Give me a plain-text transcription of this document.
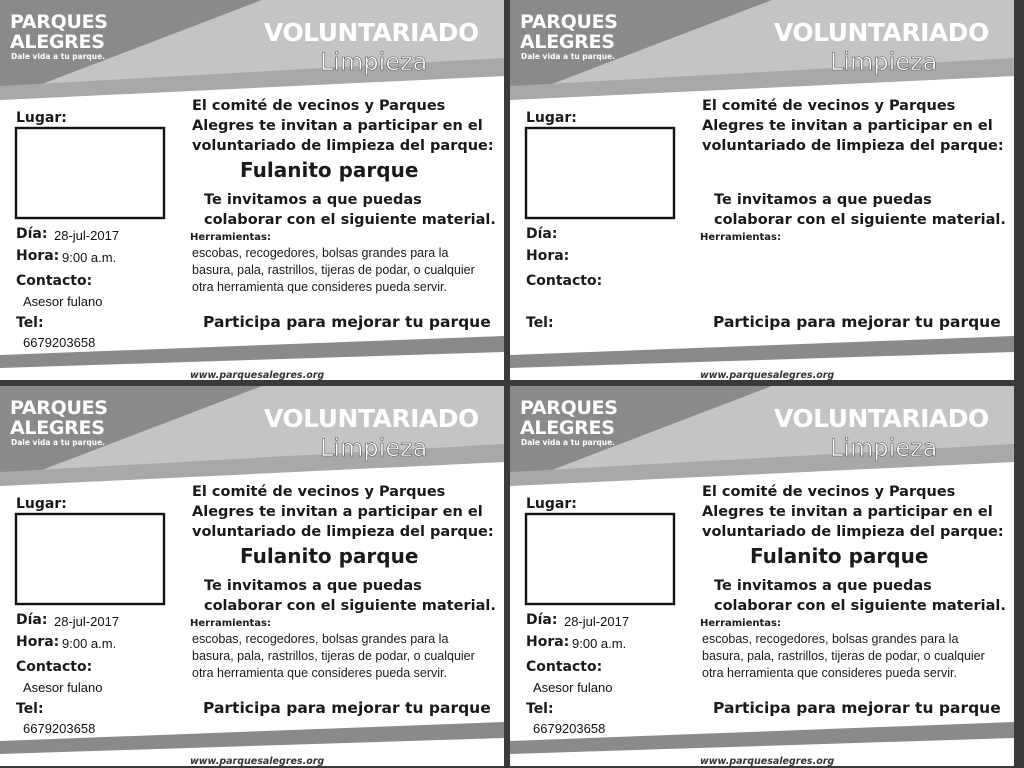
PARQUES
ALEGRES
Dale vida a tu parque.
VOLUNTARIADO
Limpieza
Lugar:
El comité de vecinos y Parques Alegres te invitan a participar en el voluntariado de limpieza del parque:
Fulanito parque
Te invitamos a que puedas colaborar con el siguiente material.
Herramientas:
escobas, recogedores, bolsas grandes para la basura, pala, rastrillos, tijeras de podar, o cualquier otra herramienta que consideres pueda servir.
Día: 28-jul-2017
Hora: 9:00 a.m.
Contacto:
Asesor fulano
Tel:
6679203658
Participa para mejorar tu parque
www.parquesalegres.org
PARQUES
ALEGRES
Dale vida a tu parque.
VOLUNTARIADO
Limpieza
Lugar:
El comité de vecinos y Parques Alegres te invitan a participar en el voluntariado de limpieza del parque:
Te invitamos a que puedas colaborar con el siguiente material.
Herramientas:
Día:
Hora:
Contacto:
Tel:	Participa para mejorar tu parque
www.parquesalegres.org
PARQUES
ALEGRES
Dale vida a tu parque.
VOLUNTARIADO
Limpieza
Lugar:
El comité de vecinos y Parques Alegres te invitan a participar en el voluntariado de limpieza del parque:
Fulanito parque
Te invitamos a que puedas colaborar con el siguiente material.
Herramientas:
escobas, recogedores, bolsas grandes para la basura, pala, rastrillos, tijeras de podar, o cualquier otra herramienta que consideres pueda servir.
Día: 28-jul-2017
Hora: 9:00 a.m.
Contacto:
Asesor fulano
Tel:
6679203658
Participa para mejorar tu parque
www.parquesalegres.org
PARQUES
ALEGRES
Dale vida a tu parque.
VOLUNTARIADO
Limpieza
Lugar:
El comité de vecinos y Parques Alegres te invitan a participar en el voluntariado de limpieza del parque:
Fulanito parque
Te invitamos a que puedas colaborar con el siguiente material.
Herramientas:
escobas, recogedores, bolsas grandes para la basura, pala, rastrillos, tijeras de podar, o cualquier otra herramienta que consideres pueda servir.
Día: 28-jul-2017
Hora: 9:00 a.m.
Contacto:
Asesor fulano
Tel:
6679203658
Participa para mejorar tu parque
www.parquesalegres.org
